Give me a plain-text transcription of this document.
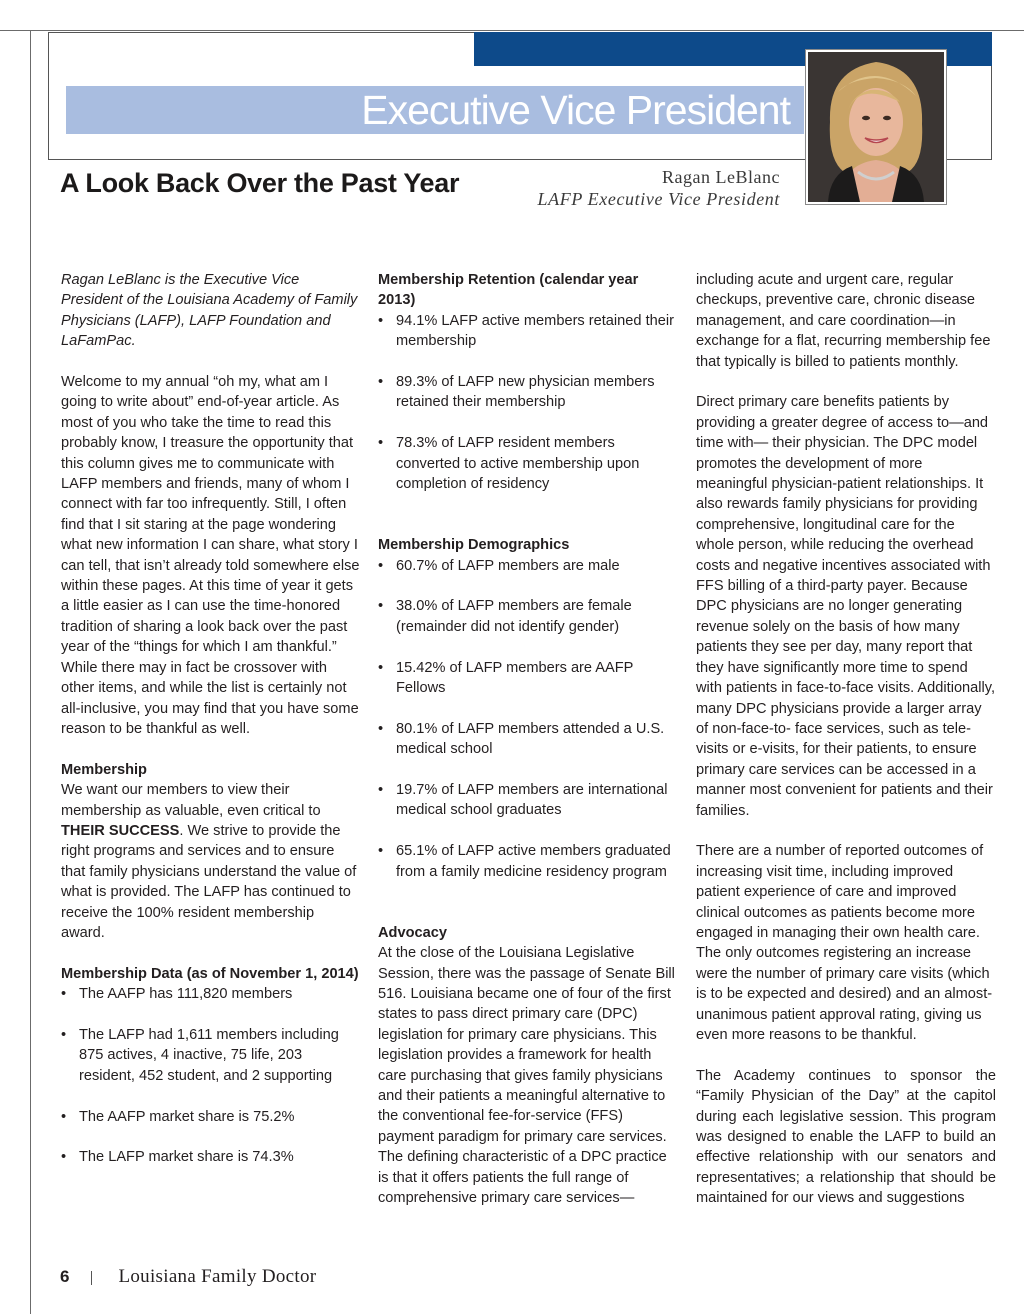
Executive Vice President
A Look Back Over the Past Year	Ragan LeBlanc
LAFP Executive Vice President

Ragan LeBlanc is the Executive Vice President of the Louisiana Academy of Family Physicians (LAFP), LAFP Foundation and LaFamPac.

Welcome to my annual “oh my, what am I going to write about” end-of-year article. As most of you who take the time to read this probably know, I treasure the opportunity that this column gives me to communicate with LAFP members and friends, many of whom I connect with far too infrequently. Still, I often find that I sit staring at the page wondering what new information I can share, what story I can tell, that isn’t already told somewhere else within these pages. At this time of year it gets a little easier as I can use the time-honored tradition of sharing a look back over the past year of the “things for which I am thankful.” While there may in fact be crossover with other items, and while the list is certainly not all-inclusive, you may find that you have some reason to be thankful as well.

Membership

We want our members to view their membership as valuable, even critical to THEIR SUCCESS. We strive to provide the right programs and services and to ensure that family physicians understand the value of what is provided. The LAFP has continued to receive the 100% resident membership award.

Membership Data (as of November 1, 2014)
• The AAFP has 111,820 members
• The LAFP had 1,611 members including 875 actives, 4 inactive, 75 life, 203 resident, 452 student, and 2 supporting
• The AAFP market share is 75.2%
• The LAFP market share is 74.3%
Membership Retention (calendar year 2013)
• 94.1% LAFP active members retained their membership
• 89.3% of LAFP new physician members retained their membership
• 78.3% of LAFP resident members converted to active membership upon completion of residency
Membership Demographics
• 60.7% of LAFP members are male
• 38.0% of LAFP members are female (remainder did not identify gender)
• 15.42% of LAFP members are AAFP Fellows
• 80.1% of LAFP members attended a U.S. medical school
• 19.7% of LAFP members are international medical school graduates
• 65.1% of LAFP active members graduated from a family medicine residency program
Advocacy

At the close of the Louisiana Legislative Session, there was the passage of Senate Bill 516. Louisiana became one of four of the first states to pass direct primary care (DPC) legislation for primary care physicians. This legislation provides a framework for health care purchasing that gives family physicians and their patients a meaningful alternative to the conventional fee-for-service (FFS) payment paradigm for primary care services. The defining characteristic of a DPC practice is that it offers patients the full range of comprehensive primary care services—

including acute and urgent care, regular checkups, preventive care, chronic disease management, and care coordination—in exchange for a flat, recurring membership fee that typically is billed to patients monthly.

Direct primary care benefits patients by providing a greater degree of access to—and time with— their physician. The DPC model promotes the development of more meaningful physician-patient relationships. It also rewards family physicians for providing comprehensive, longitudinal care for the whole person, while reducing the overhead costs and negative incentives associated with FFS billing of a third-party payer. Because DPC physicians are no longer generating revenue solely on the basis of how many patients they see per day, many report that they have significantly more time to spend with patients in face-to-face visits. Additionally, many DPC physicians provide a larger array of non-face-to- face services, such as tele-visits or e-visits, for their patients, to ensure primary care services can be accessed in a manner most convenient for patients and their families.

There are a number of reported outcomes of increasing visit time, including improved patient experience of care and improved clinical outcomes as patients become more engaged in managing their own health care. The only outcomes registering an increase were the number of primary care visits (which is to be expected and desired) and an almost-unanimous patient approval rating, giving us even more reasons to be thankful.

The Academy continues to sponsor the “Family Physician of the Day” at the capitol during each legislative session. This program was designed to enable the LAFP to build an effective relationship with our senators and representatives; a relationship that should be maintained for our views and suggestions

6	Louisiana Family Doctor
